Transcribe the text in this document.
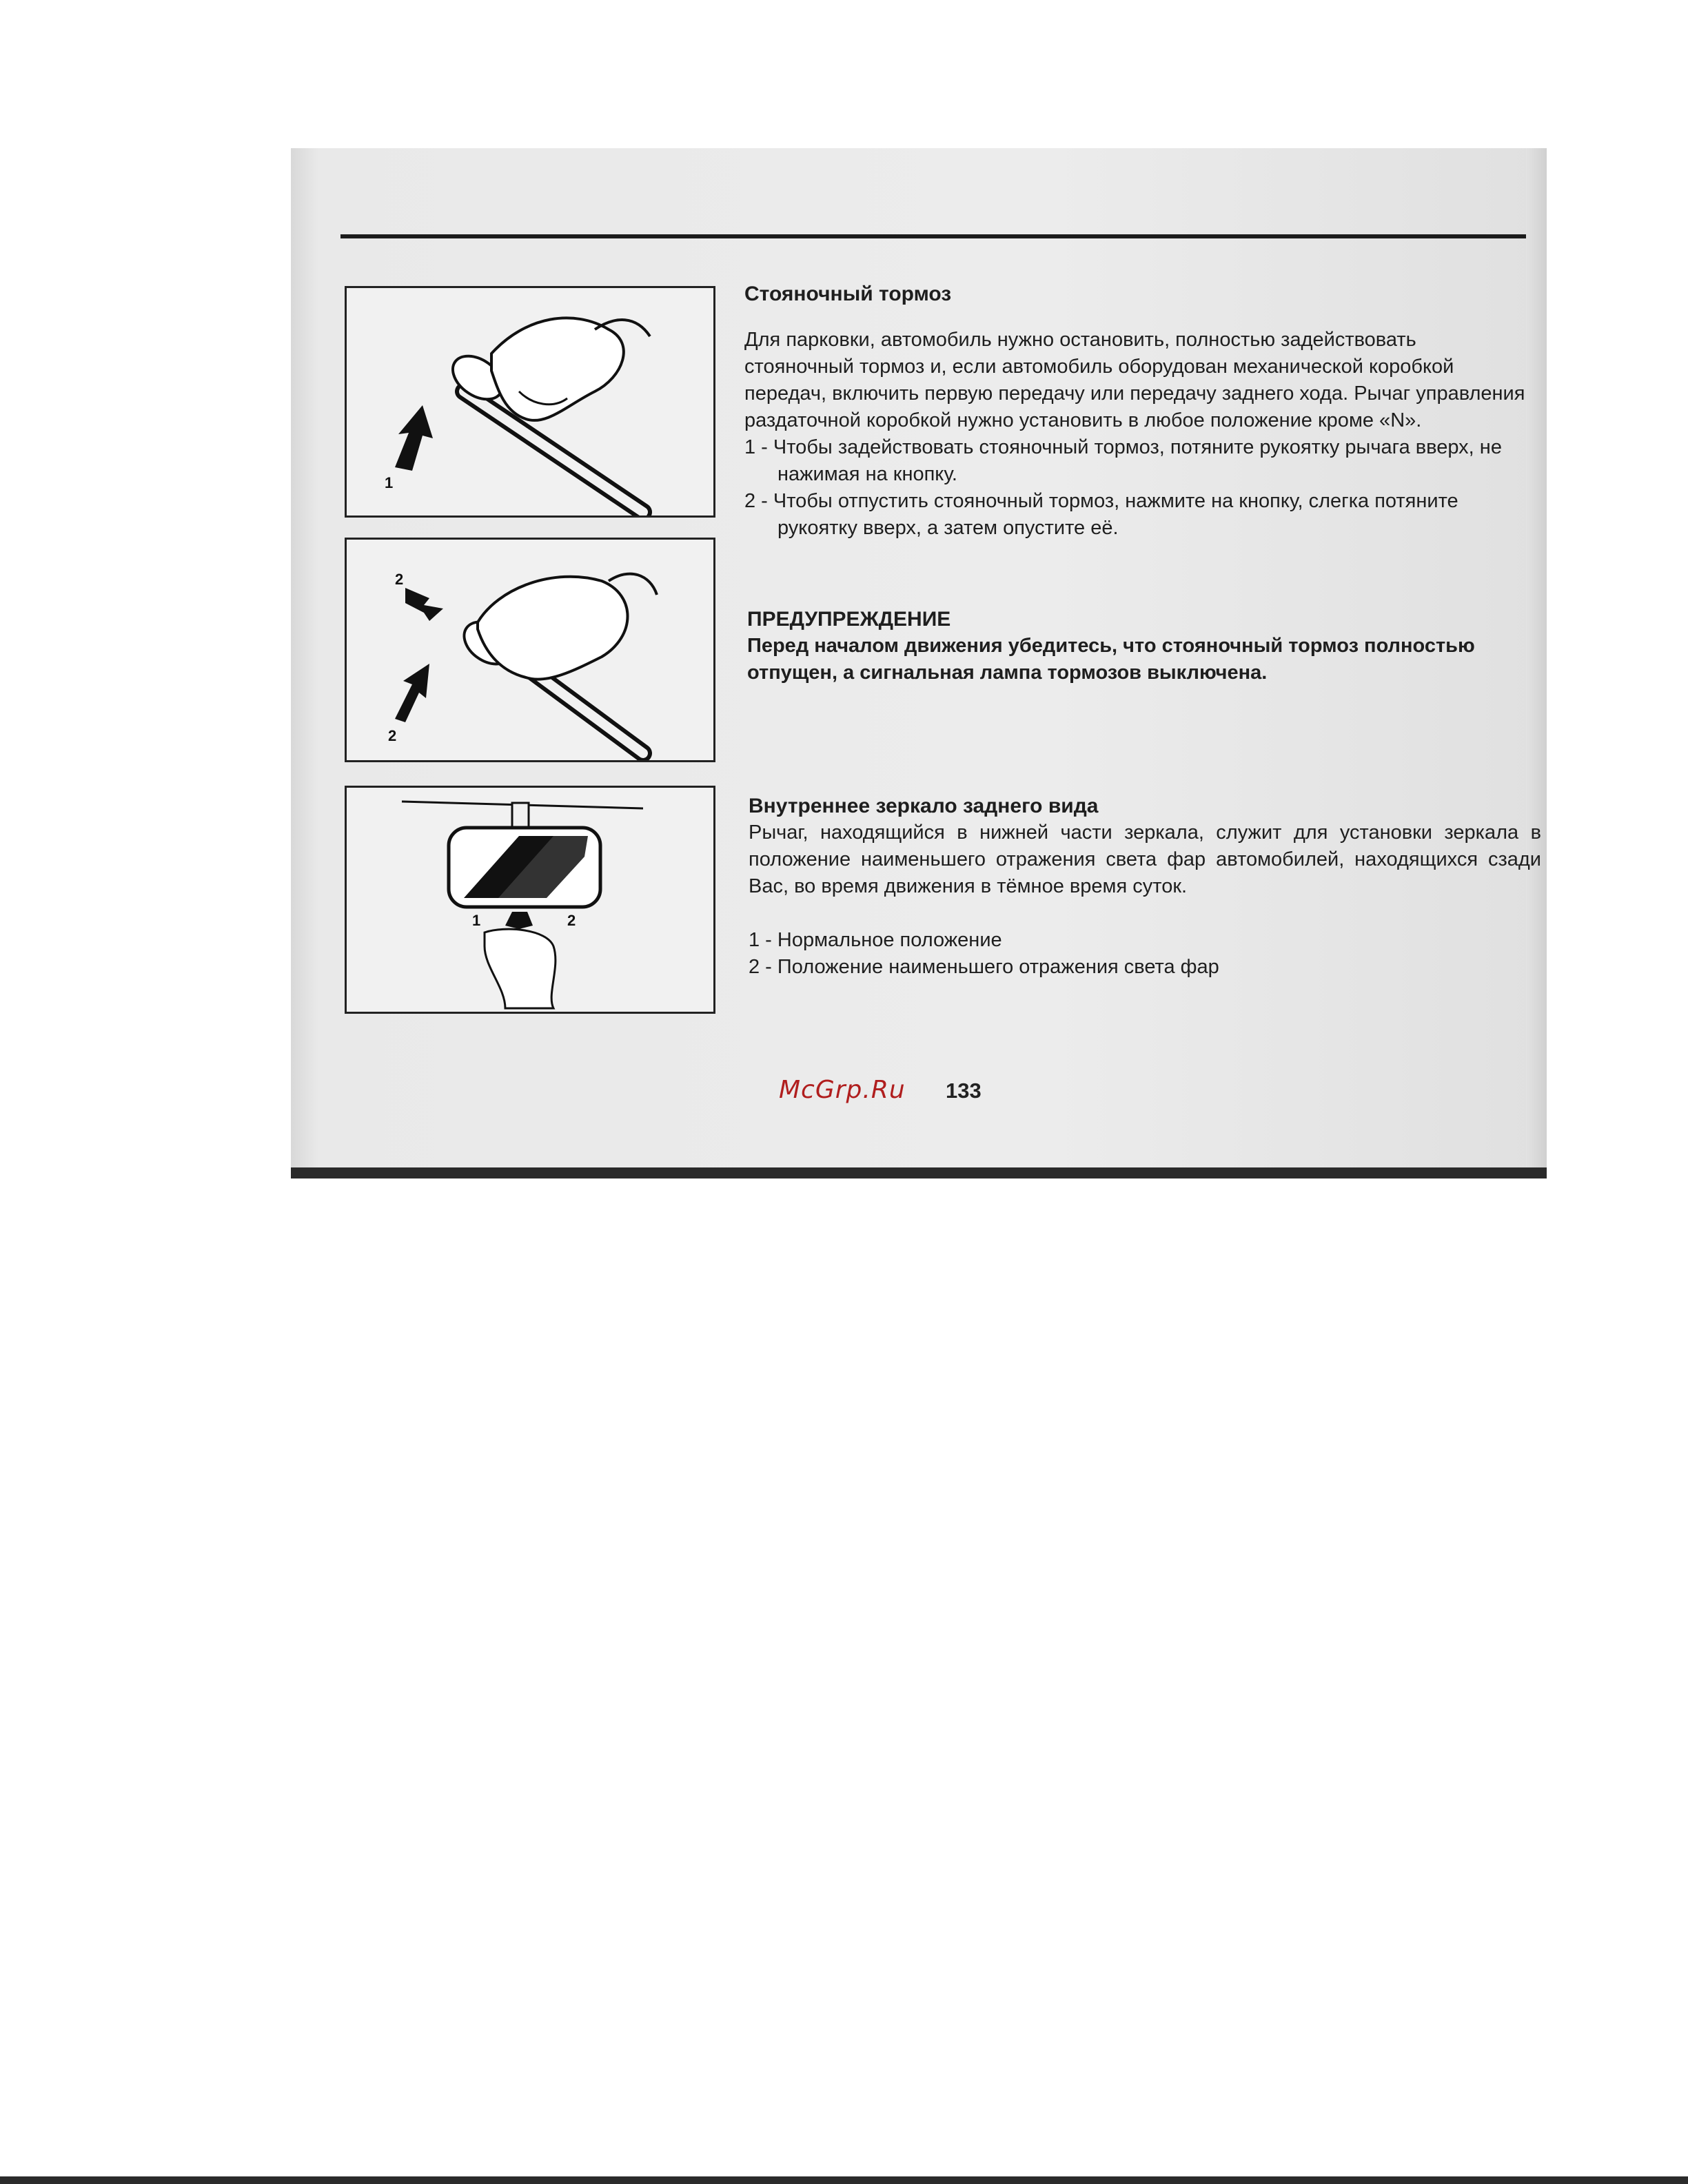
1
2
2
1	2
Стояночный тормоз

Для парковки, автомобиль нужно остановить, полностью задействовать стояночный тормоз и, если автомобиль оборудован механической коробкой передач, включить первую передачу или передачу заднего хода. Рычаг управления раздаточной коробкой нужно установить в любое положение кроме «N».

1 - Чтобы задействовать стояночный тормоз, потяните рукоятку рычага вверх, не нажимая на кнопку.

2 - Чтобы отпустить стояночный тормоз, нажмите на кнопку, слегка потяните рукоятку вверх, а затем опустите её.

ПРЕДУПРЕЖДЕНИЕ

Перед началом движения убедитесь, что стояночный тормоз полностью отпущен, а сигнальная лампа тормозов выключена.

Внутреннее зеркало заднего вида

Рычаг, находящийся в нижней части зеркала, служит для установки зеркала в положение наименьшего отражения света фар автомобилей, находящихся сзади Вас, во время движения в тёмное время суток.

1 - Нормальное положение

2 - Положение наименьшего отражения света фар

McGrp.Ru 133
